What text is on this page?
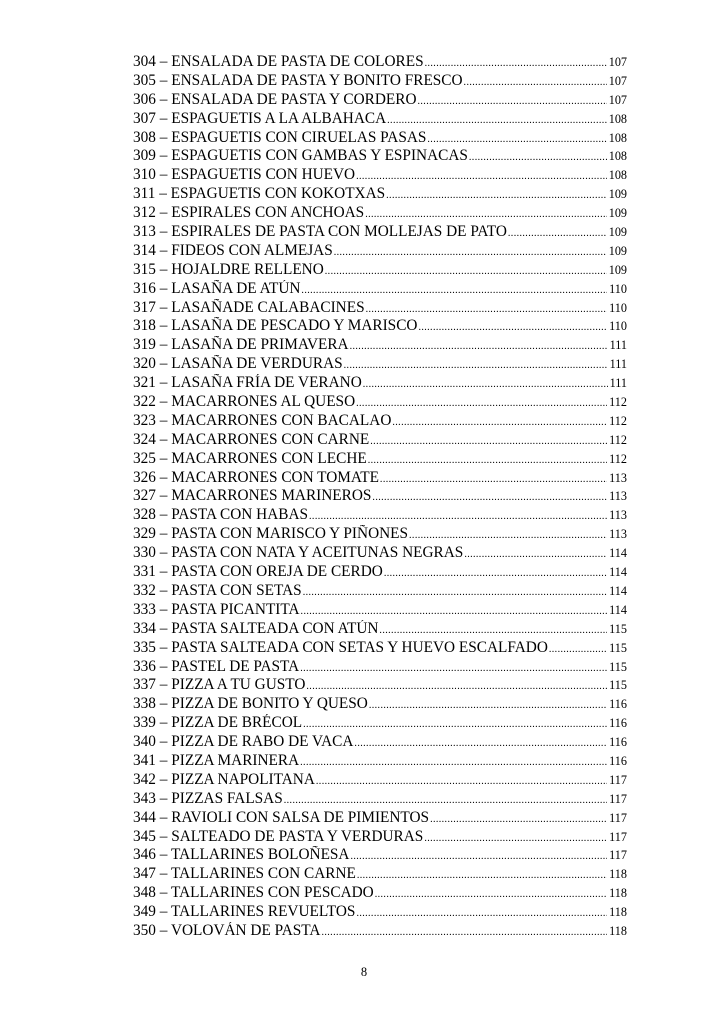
304 – ENSALADA DE PASTA DE COLORES .....	107
305 – ENSALADA DE PASTA Y BONITO FRESCO .....	107
306 – ENSALADA DE PASTA Y CORDERO .....	107
307 – ESPAGUETIS A LA ALBAHACA .....	108
308 – ESPAGUETIS CON CIRUELAS PASAS .....	108
309 – ESPAGUETIS CON GAMBAS Y ESPINACAS .....	108
310 – ESPAGUETIS CON HUEVO .....	108
311 – ESPAGUETIS CON KOKOTXAS .....	109
312 – ESPIRALES CON ANCHOAS .....	109
313 – ESPIRALES DE PASTA CON MOLLEJAS DE PATO .....	109
314 – FIDEOS CON ALMEJAS .....	109
315 – HOJALDRE RELLENO .....	109
316 – LASAÑA DE ATÚN .....	110
317 – LASAÑADE CALABACINES .....	110
318 – LASAÑA DE PESCADO Y MARISCO .....	110
319 – LASAÑA DE PRIMAVERA .....	111
320 – LASAÑA DE VERDURAS .....	111
321 – LASAÑA FRÍA DE VERANO .....	111
322 – MACARRONES AL QUESO .....	112
323 – MACARRONES CON BACALAO .....	112
324 – MACARRONES CON CARNE .....	112
325 – MACARRONES CON LECHE .....	112
326 – MACARRONES CON TOMATE .....	113
327 – MACARRONES MARINEROS .....	113
328 – PASTA CON HABAS .....	113
329 – PASTA CON MARISCO Y PIÑONES .....	113
330 – PASTA CON NATA Y ACEITUNAS NEGRAS .....	114
331 – PASTA CON OREJA DE CERDO .....	114
332 – PASTA CON SETAS .....	114
333 – PASTA PICANTITA .....	114
334 – PASTA SALTEADA CON ATÚN .....	115
335 – PASTA SALTEADA CON SETAS Y HUEVO ESCALFADO .....	115
336 – PASTEL DE PASTA .....	115
337 – PIZZA A TU GUSTO .....	115
338 – PIZZA DE BONITO Y QUESO .....	116
339 – PIZZA DE BRÉCOL .....	116
340 – PIZZA DE RABO DE VACA .....	116
341 – PIZZA MARINERA .....	116
342 – PIZZA NAPOLITANA .....	117
343 – PIZZAS FALSAS .....	117
344 – RAVIOLI CON SALSA DE PIMIENTOS .....	117
345 – SALTEADO DE PASTA Y VERDURAS .....	117
346 – TALLARINES BOLOÑESA .....	117
347 – TALLARINES CON CARNE .....	118
348 – TALLARINES CON PESCADO .....	118
349 – TALLARINES REVUELTOS .....	118
350 – VOLOVÁN DE PASTA .....	118
8
